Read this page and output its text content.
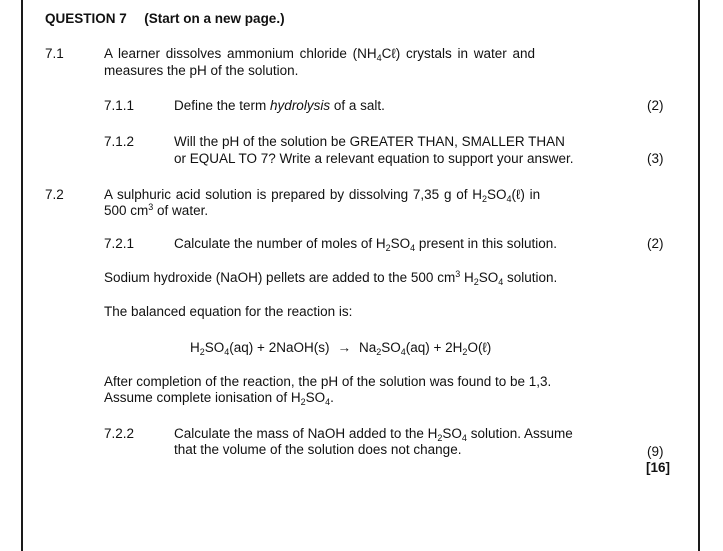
QUESTION 7 (Start on a new page.)
7.1	A learner dissolves ammonium chloride $(NH_4C\ell)$ crystals in water and
measures the pH of the solution.
7.1.1	Define the term hydrolysis of a salt.	(2)
7.1.2	Will the pH of the solution be GREATER THAN, SMALLER THAN
or EQUAL TO 7? Write a relevant equation to support your answer.	(3)
7.2	A sulphuric acid solution is prepared by dissolving 7,35 g of $H_2SO_4(\ell)$ in
500 $cm^3$ of water.
7.2.1	Calculate the number of moles of $H_2SO_4$ present in this solution.	(2)
Sodium hydroxide (NaOH) pellets are added to the 500 $cm^3$ $H_2SO_4$ solution.
The balanced equation for the reaction is:
$H_2SO_4(aq)$ + 2NaOH(s) → $Na_2SO_4(aq)$ + $2H_2O(\ell)$
After completion of the reaction, the pH of the solution was found to be 1,3.
Assume complete ionisation of $H_2SO_4$.
7.2.2	Calculate the mass of NaOH added to the $H_2SO_4$ solution. Assume
that the volume of the solution does not change.	(9)
[16]
